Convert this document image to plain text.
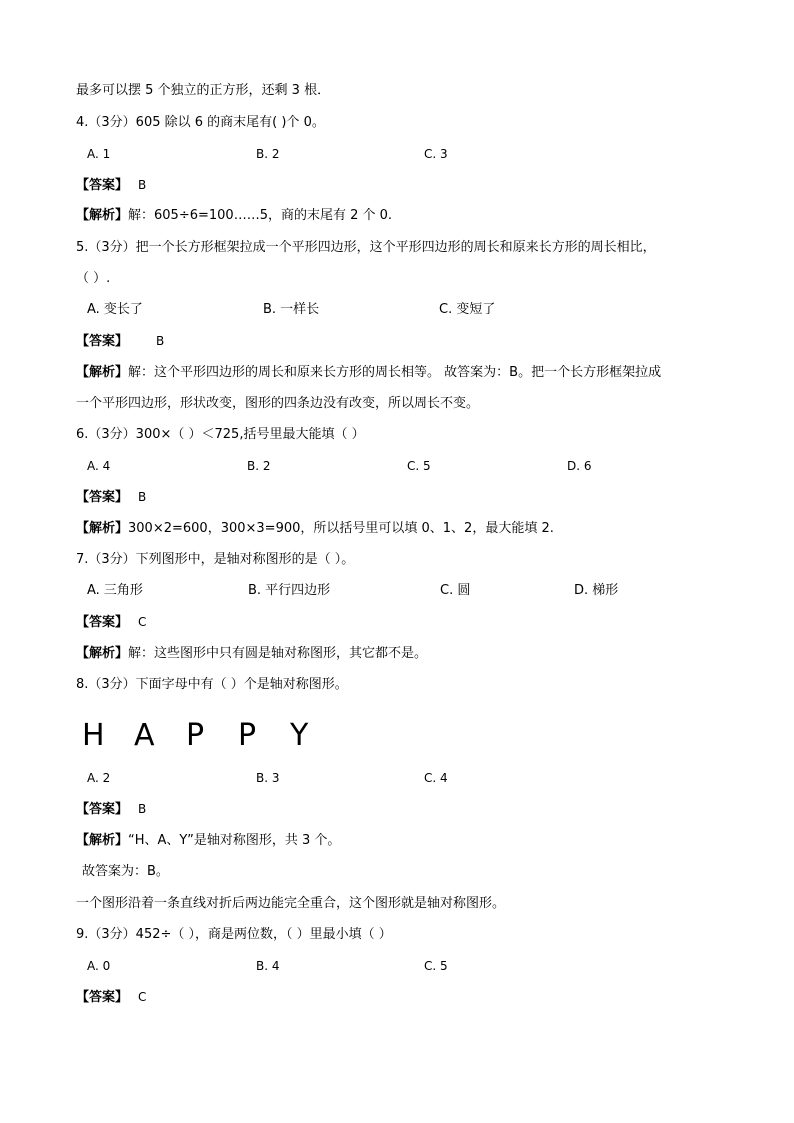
最多可以摆 5 个独立的正方形，还剩 3 根．
4.（3分）605 除以 6 的商末尾有( )个 0。
A. 1	B. 2	C. 3
【答案】 B
【解析】解：605÷6=100……5，商的末尾有 2 个 0.
5.（3分）把一个长方形框架拉成一个平形四边形，这个平形四边形的周长和原来长方形的周长相比，
（ ）.
A. 变长了	B. 一样长	C. 变短了
【答案】 B
【解析】解：这个平形四边形的周长和原来长方形的周长相等。 故答案为：B。把一个长方形框架拉成
一个平形四边形，形状改变，图形的四条边没有改变，所以周长不变。
6.（3分）300×（ ）＜725,括号里最大能填（ ）
A. 4	B. 2	C. 5	D. 6
【答案】 B
【解析】300×2=600，300×3=900，所以括号里可以填 0、1、2，最大能填 2.
7.（3分）下列图形中，是轴对称图形的是（ ）。
A. 三角形	B. 平行四边形	C. 圆	D. 梯形
【答案】 C
【解析】解：这些图形中只有圆是轴对称图形，其它都不是。
8.（3分）下面字母中有（ ）个是轴对称图形。
H A P P Y
A. 2	B. 3	C. 4
【答案】 B
【解析】“H、A、Y”是轴对称图形，共 3 个。
故答案为：B。
一个图形沿着一条直线对折后两边能完全重合，这个图形就是轴对称图形。
9.（3分）452÷（ ），商是两位数，（ ）里最小填（ ）
A. 0	B. 4	C. 5
【答案】 C
